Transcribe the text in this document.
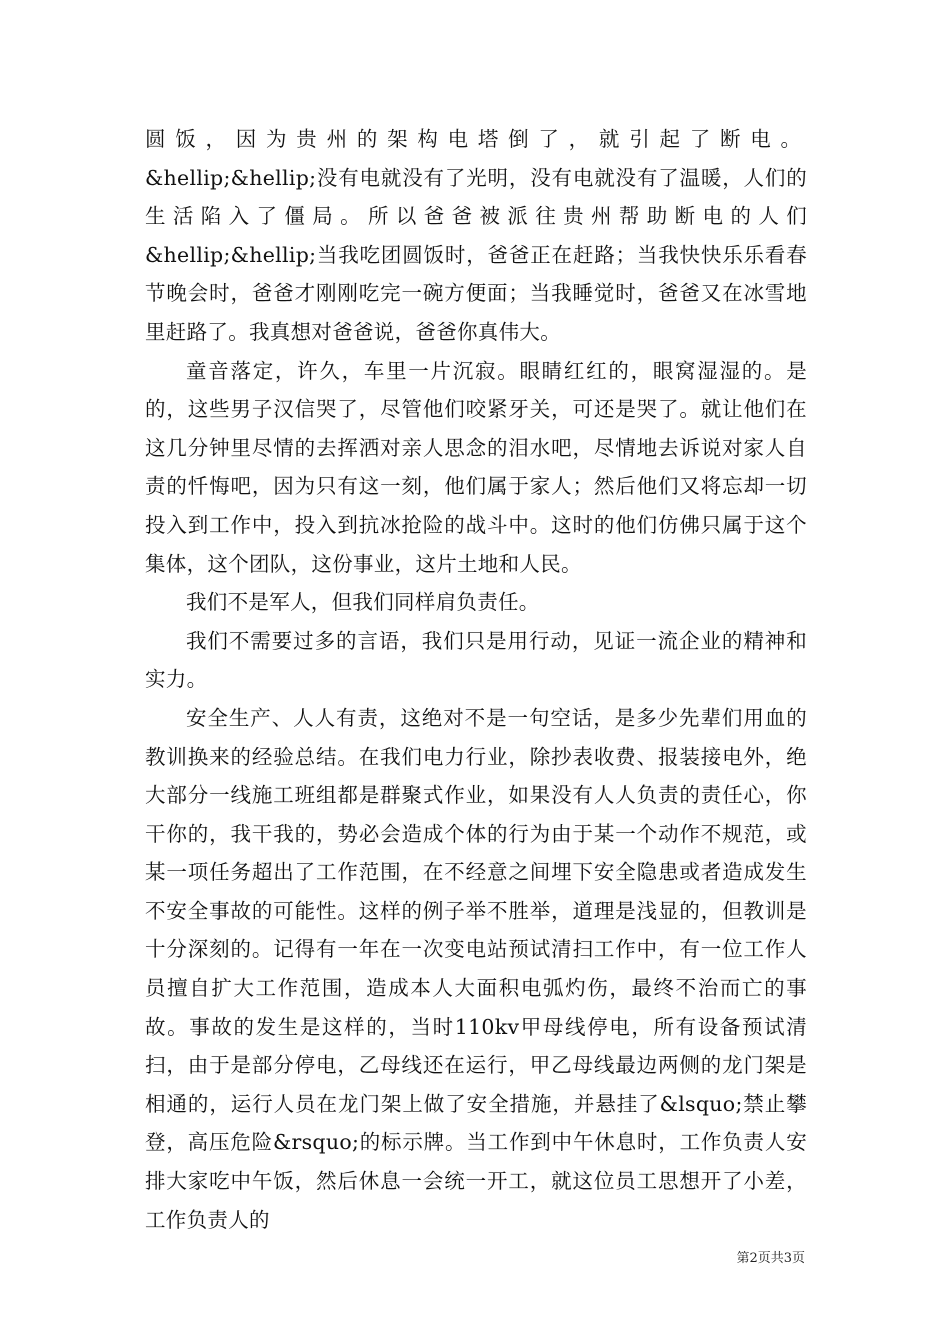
圆饭，因为贵州的架构电塔倒了，就引起了断电。

&hellip;&hellip;没有电就没有了光明，没有电就没有了温暖，人们的生活陷入了僵局。所以爸爸被派往贵州帮助断电的人们&hellip;&hellip;当我吃团圆饭时，爸爸正在赶路；当我快快乐乐看春节晚会时，爸爸才刚刚吃完一碗方便面；当我睡觉时，爸爸又在冰雪地里赶路了。我真想对爸爸说，爸爸你真伟大。

童音落定，许久，车里一片沉寂。眼睛红红的，眼窝湿湿的。是的，这些男子汉信哭了，尽管他们咬紧牙关，可还是哭了。就让他们在这几分钟里尽情的去挥洒对亲人思念的泪水吧，尽情地去诉说对家人自责的忏悔吧，因为只有这一刻，他们属于家人；然后他们又将忘却一切投入到工作中，投入到抗冰抢险的战斗中。这时的他们仿佛只属于这个集体，这个团队，这份事业，这片土地和人民。

我们不是军人，但我们同样肩负责任。

我们不需要过多的言语，我们只是用行动，见证一流企业的精神和实力。

安全生产、人人有责，这绝对不是一句空话，是多少先辈们用血的教训换来的经验总结。在我们电力行业，除抄表收费、报装接电外，绝大部分一线施工班组都是群聚式作业，如果没有人人负责的责任心，你干你的，我干我的，势必会造成个体的行为由于某一个动作不规范，或某一项任务超出了工作范围，在不经意之间埋下安全隐患或者造成发生不安全事故的可能性。这样的例子举不胜举，道理是浅显的，但教训是十分深刻的。记得有一年在一次变电站预试清扫工作中，有一位工作人员擅自扩大工作范围，造成本人大面积电弧灼伤，最终不治而亡的事故。事故的发生是这样的，当时110kv甲母线停电，所有设备预试清扫，由于是部分停电，乙母线还在运行，甲乙母线最边两侧的龙门架是相通的，运行人员在龙门架上做了安全措施，并悬挂了&lsquo;禁止攀登，高压危险&rsquo;的标示牌。当工作到中午休息时，工作负责人安排大家吃中午饭，然后休息一会统一开工，就这位员工思想开了小差，工作负责人的

第2页共3页
